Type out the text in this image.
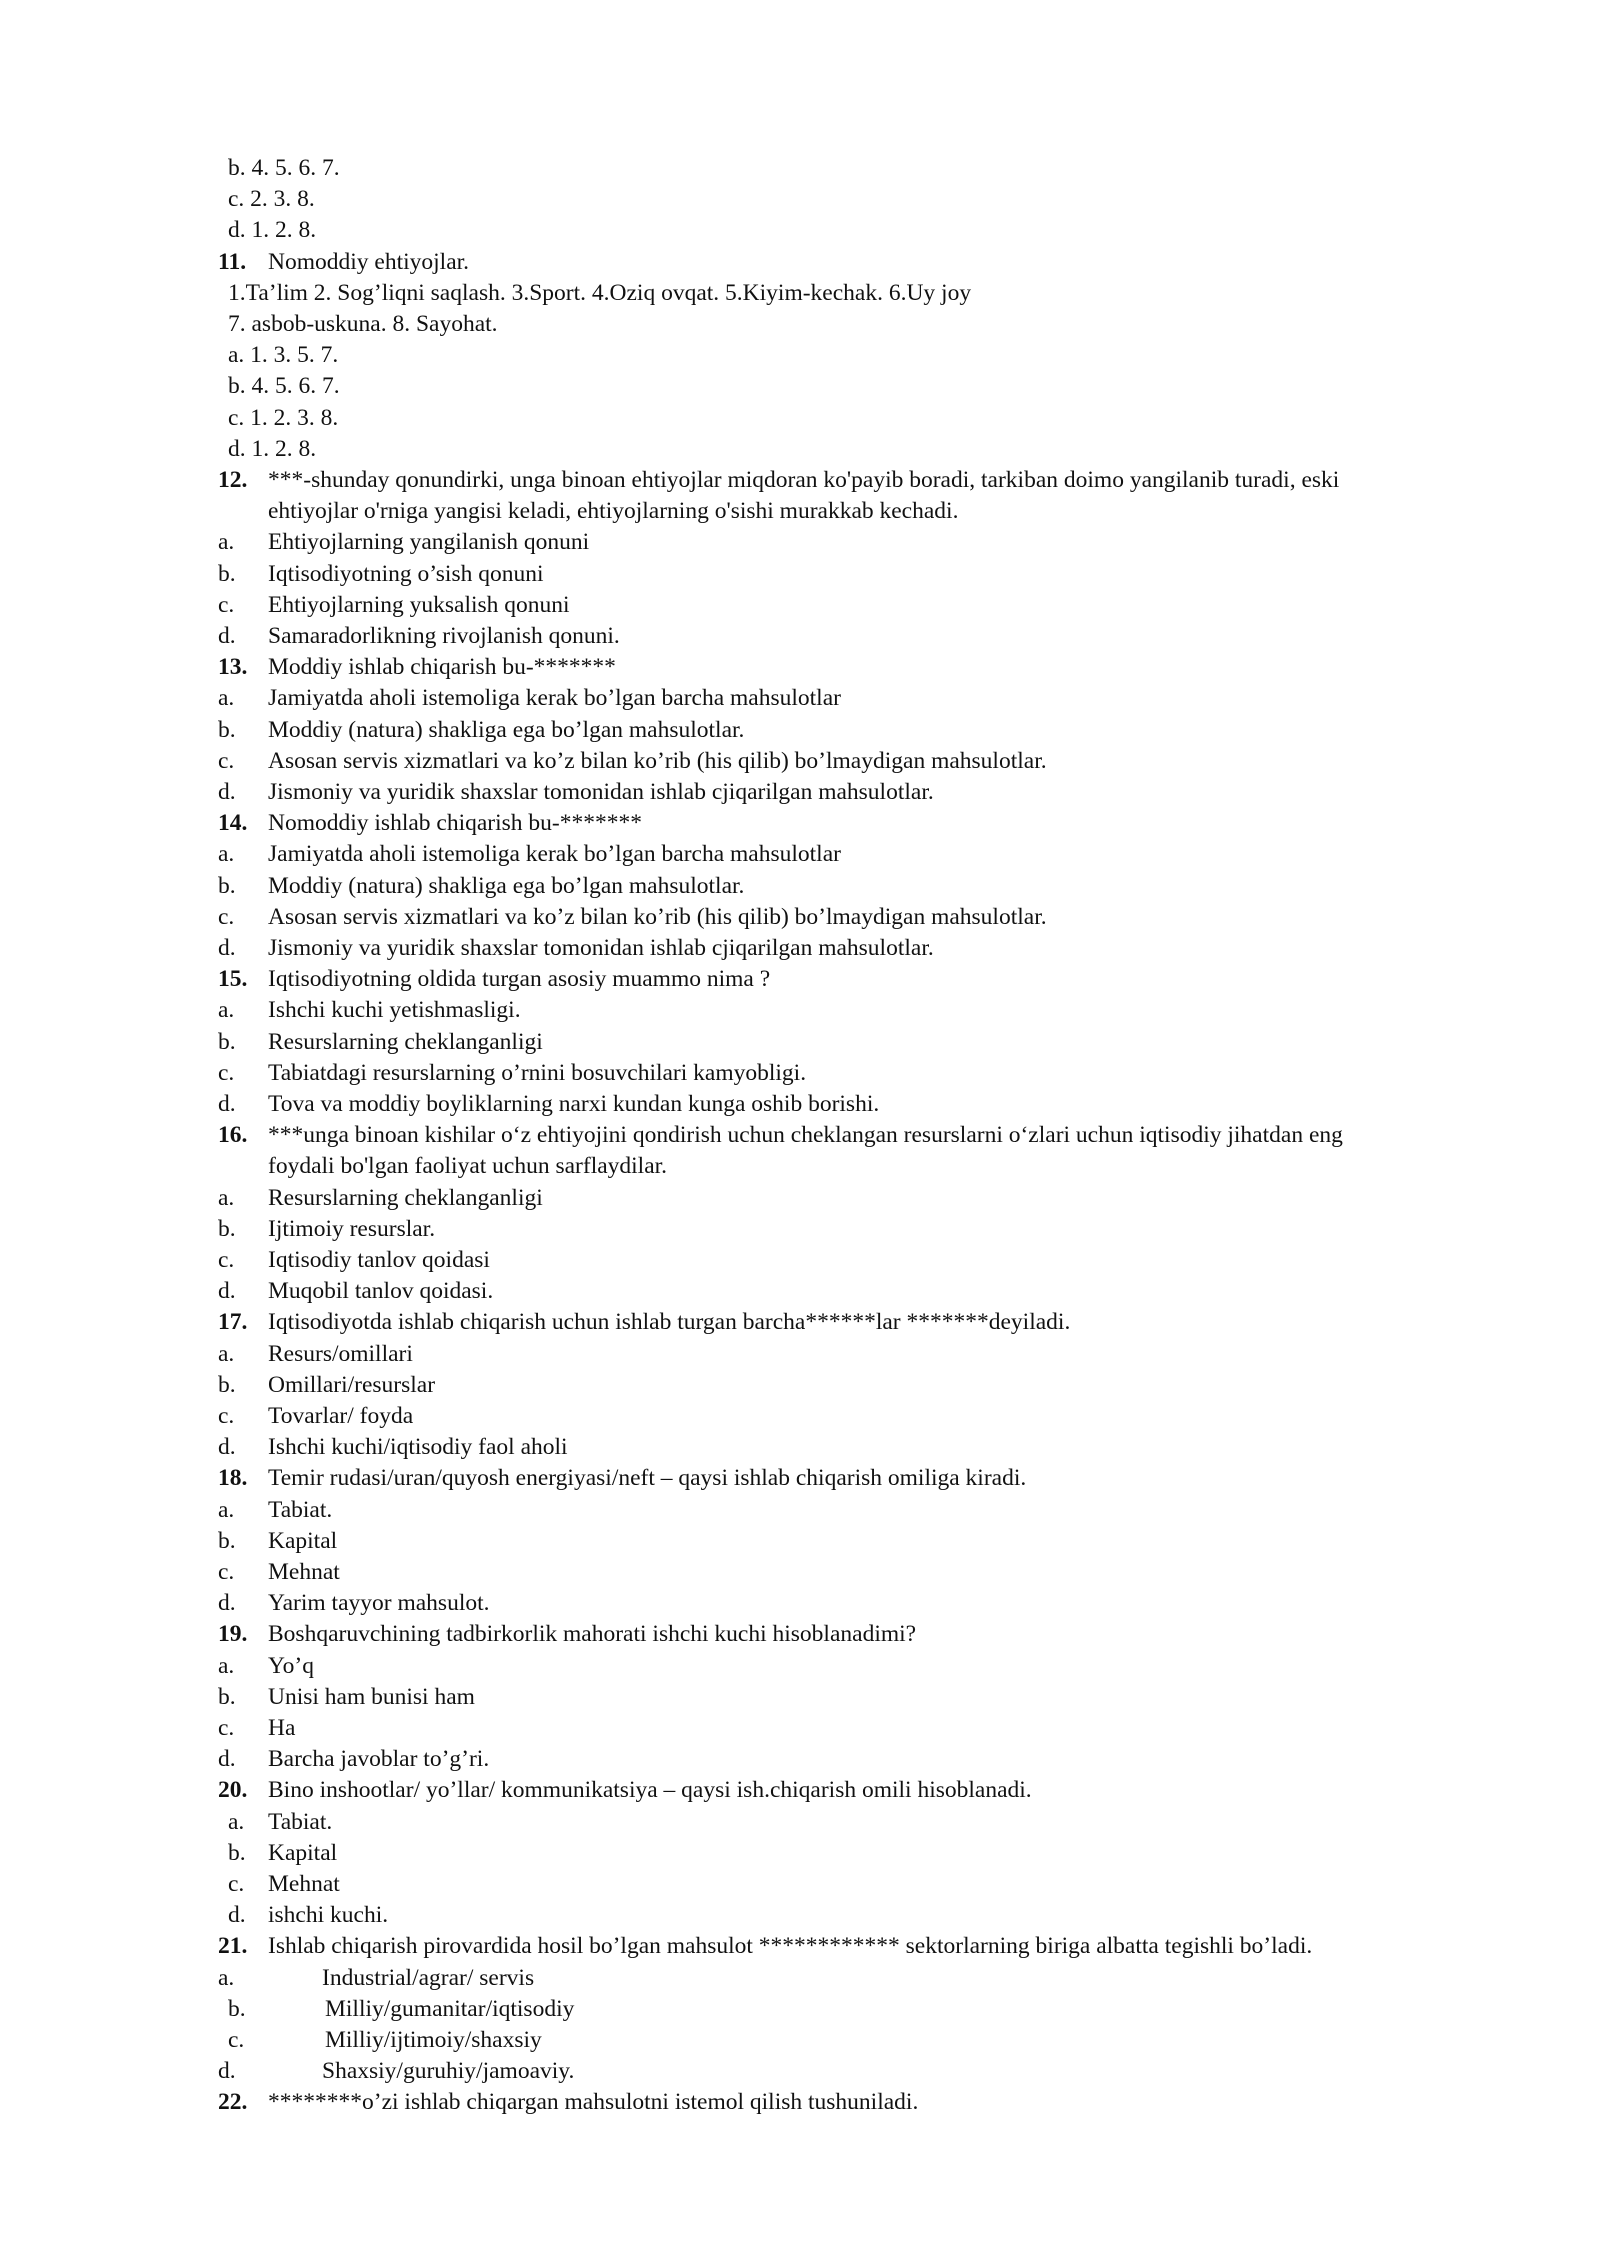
b. 4. 5. 6. 7.
c. 2. 3. 8.
d. 1. 2. 8.
11. Nomoddiy ehtiyojlar.
1.Ta’lim 2. Sog’liqni saqlash. 3.Sport. 4.Oziq ovqat. 5.Kiyim-kechak. 6.Uy joy
7. asbob-uskuna. 8. Sayohat.
a. 1. 3. 5. 7.
b. 4. 5. 6. 7.
c. 1. 2. 3. 8.
d. 1. 2. 8.
12. ***-shunday qonundirki, unga binoan ehtiyojlar miqdoran ko'payib boradi, tarkiban doimo yangilanib turadi, eski
ehtiyojlar o'rniga yangisi keladi, ehtiyojlarning o'sishi murakkab kechadi.
a. Ehtiyojlarning yangilanish qonuni
b. Iqtisodiyotning o’sish qonuni
c. Ehtiyojlarning yuksalish qonuni
d. Samaradorlikning rivojlanish qonuni.
13. Moddiy ishlab chiqarish bu-*******
a. Jamiyatda aholi istemoliga kerak bo’lgan barcha mahsulotlar
b. Moddiy (natura) shakliga ega bo’lgan mahsulotlar.
c. Asosan servis xizmatlari va ko’z bilan ko’rib (his qilib) bo’lmaydigan mahsulotlar.
d. Jismoniy va yuridik shaxslar tomonidan ishlab cjiqarilgan mahsulotlar.
14. Nomoddiy ishlab chiqarish bu-*******
a. Jamiyatda aholi istemoliga kerak bo’lgan barcha mahsulotlar
b. Moddiy (natura) shakliga ega bo’lgan mahsulotlar.
c. Asosan servis xizmatlari va ko’z bilan ko’rib (his qilib) bo’lmaydigan mahsulotlar.
d. Jismoniy va yuridik shaxslar tomonidan ishlab cjiqarilgan mahsulotlar.
15. Iqtisodiyotning oldida turgan asosiy muammo nima ?
a. Ishchi kuchi yetishmasligi.
b. Resurslarning cheklanganligi
c. Tabiatdagi resurslarning o’rnini bosuvchilari kamyobligi.
d. Tova va moddiy boyliklarning narxi kundan kunga oshib borishi.
16. ***unga binoan kishilar o‘z ehtiyojini qondirish uchun cheklangan resurslarni o‘zlari uchun iqtisodiy jihatdan eng
foydali bo'lgan faoliyat uchun sarflaydilar.
a. Resurslarning cheklanganligi
b. Ijtimoiy resurslar.
c. Iqtisodiy tanlov qoidasi
d. Muqobil tanlov qoidasi.
17. Iqtisodiyotda ishlab chiqarish uchun ishlab turgan barcha******lar *******deyiladi.
a. Resurs/omillari
b. Omillari/resurslar
c. Tovarlar/ foyda
d. Ishchi kuchi/iqtisodiy faol aholi
18. Temir rudasi/uran/quyosh energiyasi/neft – qaysi ishlab chiqarish omiliga kiradi.
a. Tabiat.
b. Kapital
c. Mehnat
d. Yarim tayyor mahsulot.
19. Boshqaruvchining tadbirkorlik mahorati ishchi kuchi hisoblanadimi?
a. Yo’q
b. Unisi ham bunisi ham
c. Ha
d. Barcha javoblar to’g’ri.
20. Bino inshootlar/ yo’llar/ kommunikatsiya – qaysi ish.chiqarish omili hisoblanadi.
a. Tabiat.
b. Kapital
c. Mehnat
d. ishchi kuchi.
21. Ishlab chiqarish pirovardida hosil bo’lgan mahsulot ************ sektorlarning biriga albatta tegishli bo’ladi.
a.	Industrial/agrar/ servis
b.	Milliy/gumanitar/iqtisodiy
c.	Milliy/ijtimoiy/shaxsiy
d.	Shaxsiy/guruhiy/jamoaviy.
22. ********o’zi ishlab chiqargan mahsulotni istemol qilish tushuniladi.
